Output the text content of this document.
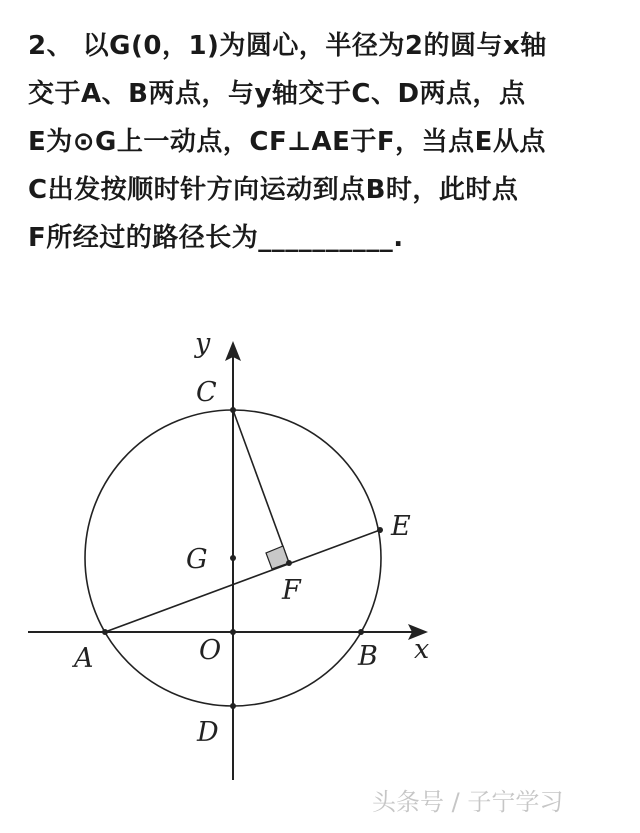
2、 以G(0，1)为圆心，半径为2的圆与x轴
交于A、B两点，与y轴交于C、D两点，点
E为⊙G上一动点，CF⊥AE于F，当点E从点
C出发按顺时针方向运动到点B时，此时点
F所经过的路径长为__________.
y
x
C
G
O
A	B
D
E
F
头条号 / 子宁学习
